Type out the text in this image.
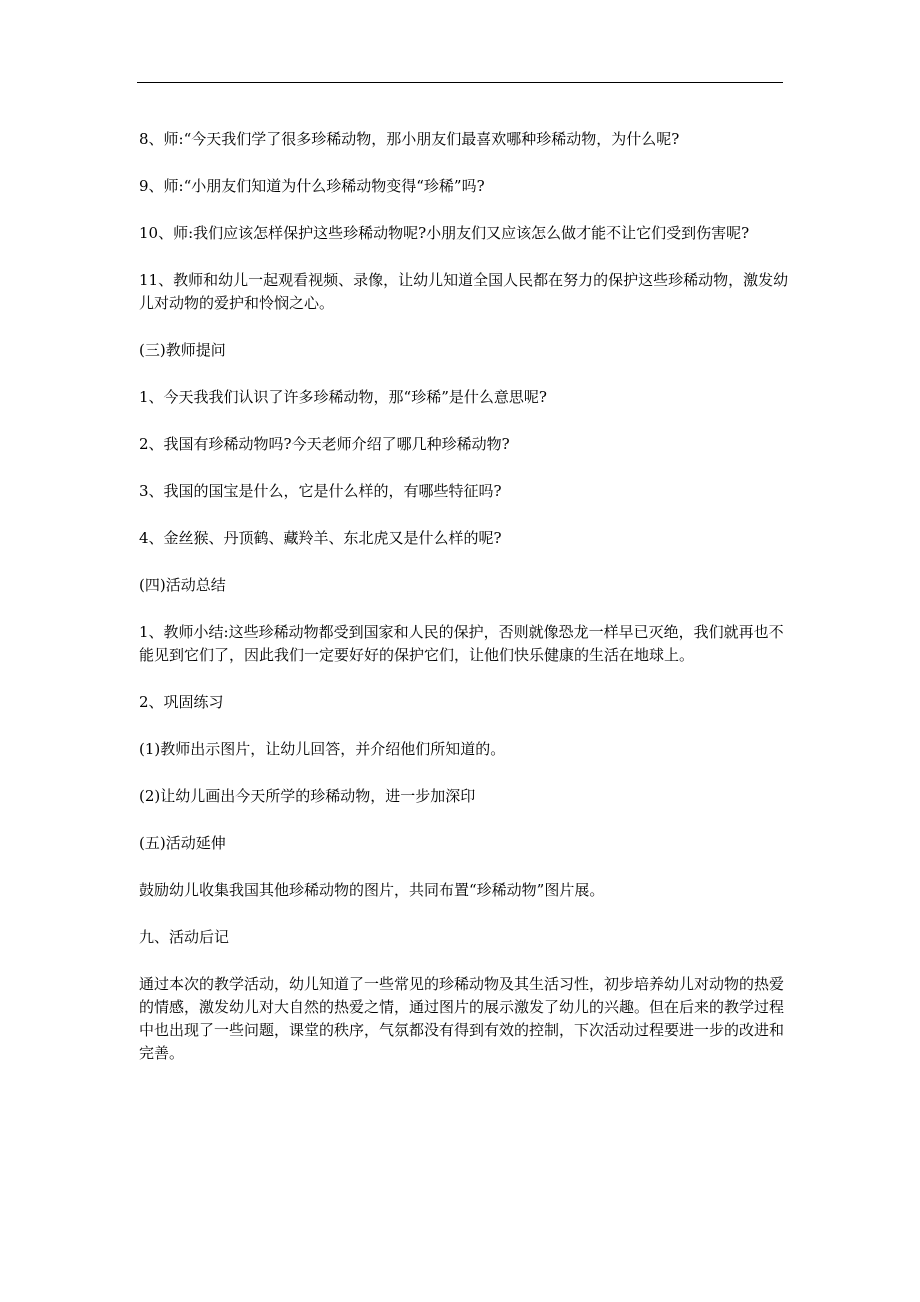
8、师:“今天我们学了很多珍稀动物，那小朋友们最喜欢哪种珍稀动物，为什么呢?

9、师:“小朋友们知道为什么珍稀动物变得“珍稀”吗?

10、师:我们应该怎样保护这些珍稀动物呢?小朋友们又应该怎么做才能不让它们受到伤害呢?

11、教师和幼儿一起观看视频、录像，让幼儿知道全国人民都在努力的保护这些珍稀动物，激发幼儿对动物的爱护和怜悯之心。

(三)教师提问

1、今天我我们认识了许多珍稀动物，那“珍稀”是什么意思呢?

2、我国有珍稀动物吗?今天老师介绍了哪几种珍稀动物?

3、我国的国宝是什么，它是什么样的，有哪些特征吗?

4、金丝猴、丹顶鹤、藏羚羊、东北虎又是什么样的呢?

(四)活动总结

1、教师小结:这些珍稀动物都受到国家和人民的保护，否则就像恐龙一样早已灭绝，我们就再也不能见到它们了，因此我们一定要好好的保护它们，让他们快乐健康的生活在地球上。

2、巩固练习

(1)教师出示图片，让幼儿回答，并介绍他们所知道的。

(2)让幼儿画出今天所学的珍稀动物，进一步加深印

(五)活动延伸

鼓励幼儿收集我国其他珍稀动物的图片，共同布置“珍稀动物”图片展。

九、活动后记

通过本次的教学活动，幼儿知道了一些常见的珍稀动物及其生活习性，初步培养幼儿对动物的热爱的情感，激发幼儿对大自然的热爱之情，通过图片的展示激发了幼儿的兴趣。但在后来的教学过程中也出现了一些问题，课堂的秩序，气氛都没有得到有效的控制，下次活动过程要进一步的改进和完善。
